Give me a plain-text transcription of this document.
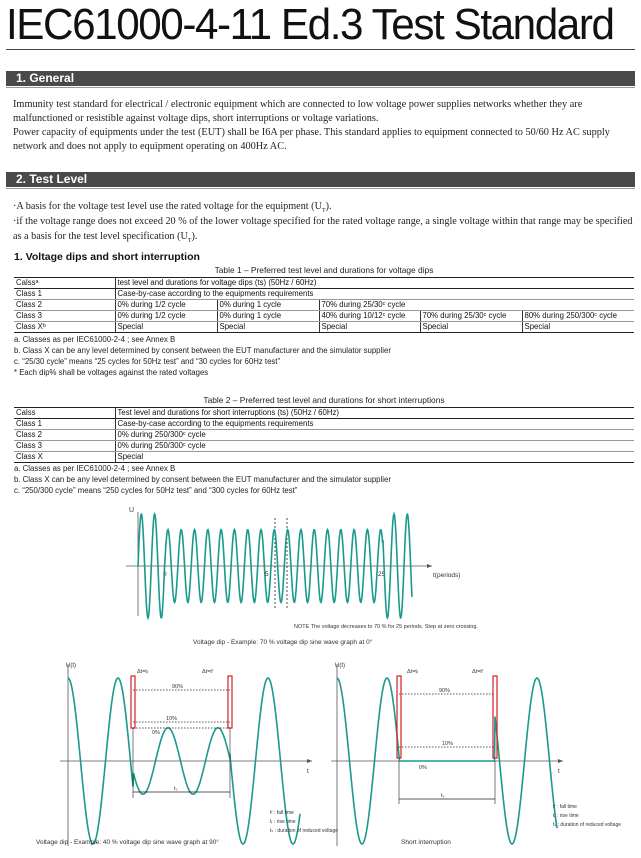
IEC61000-4-11 Ed.3 Test Standard
1. General
Immunity test standard for electrical / electronic equipment which are connected to low voltage power supplies networks whether they are malfunctioned or resistible against voltage dips, short interruptions or voltage variations.
Power capacity of equipments under the test (EUT) shall be I6A per phase. This standard applies to equipment connected to 50/60 Hz AC supply network and does not apply to equipment operating on 400Hz AC.
2. Test Level
·A basis for the voltage test level use the rated voltage for the equipment $(U_T)$.
·if the voltage range does not exceed 20 % of the lower voltage specified for the rated voltage range, a single voltage within that range may be specified as a basis for the test level specification $(U_T)$.
1. Voltage dips and short interruption
Table 1 – Preferred test level and durations for voltage dips
Calssᵃ	test level and durations for voltage dips (ts) (50Hz / 60Hz)				
Class 1	Case-by-case according to the equipments requirements				
Class 2	0% during 1/2 cycle	0% during 1 cycle	70% during 25/30ᶜ cycle		
Class 3	0% during 1/2 cycle	0% during 1 cycle	40% during 10/12ᶜ cycle	70% during 25/30ᶜ cycle	80% during 250/300ᶜ cycle
Class Xᵇ	Special	Special	Special	Special	Special
a. Classes as per IEC61000-2-4 ; see Annex B
b. Class X can be any level determined by consent between the EUT manufacturer and the simulator supplier
c. “25/30 cycle” means “25 cycles for 50Hz test” and “30 cycles for 60Hz test”
* Each dip% shall be voltages against the rated voltages
Table 2 – Preferred test level and durations for short interruptions
Calss	Test level and durations for short interruptions (ts) (50Hz / 60Hz)
Class 1	Case-by-case according to the equipments requirements
Class 2	0% during 250/300ᶜ cycle
Class 3	0% during 250/300ᶜ cycle
Class X	Special
a. Classes as per IEC61000-2-4 ; see Annex B
b. Class X can be any level determined by consent between the EUT manufacturer and the simulator supplier
c. “250/300 cycle” means “250 cycles for 50Hz test” and “300 cycles for 60Hz test”
U
t(periods)
0	5	25
NOTE The voltage decreases to 70 % for 25 periods. Step at zero crossing.
Voltage dip - Example: 70 % voltage dip sine wave graph at 0°
U(t)
t
Δt=tᵣ	Δt=tᶠ
90%
10%
0%
tₛ
tᶠ : fall time
tᵣ : rise time
tₛ : duration of reduced voltage
Voltage dip - Example: 40 % voltage dip sine wave graph at 90°
U(t)
t
Δt=tᵣ	Δt=tᶠ
90%
10%
0%
tₛ
tᶠ : fall time
tᵣ : rise time
tₛ : duration of reduced voltage
Short interruption
